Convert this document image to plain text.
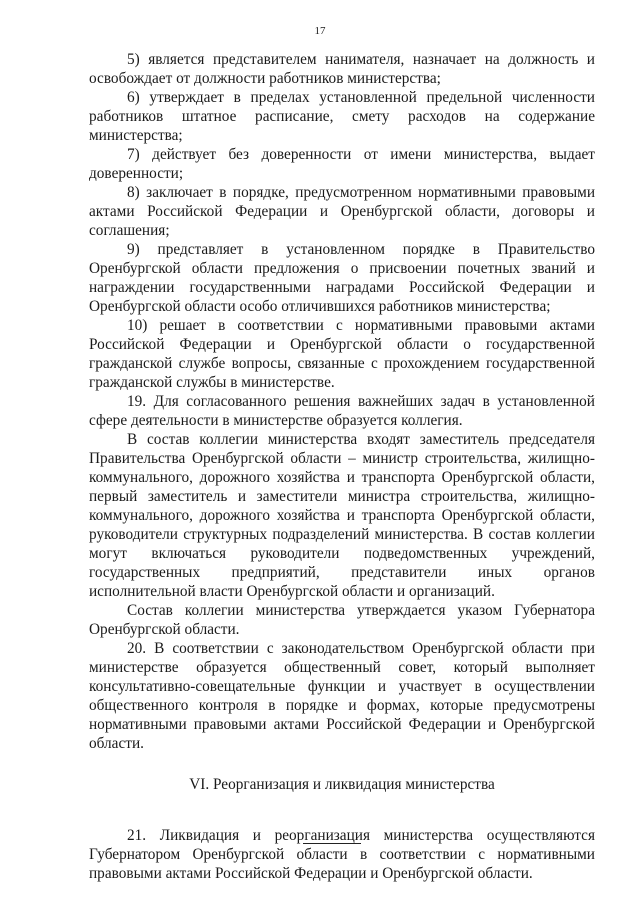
17

5) является представителем нанимателя, назначает на должность и освобождает от должности работников министерства;

6) утверждает в пределах установленной предельной численности работников штатное расписание, смету расходов на содержание министерства;

7) действует без доверенности от имени министерства, выдает доверенности;

8) заключает в порядке, предусмотренном нормативными правовыми актами Российской Федерации и Оренбургской области, договоры и соглашения;

9) представляет в установленном порядке в Правительство Оренбургской области предложения о присвоении почетных званий и награждении государственными наградами Российской Федерации и Оренбургской области особо отличившихся работников министерства;

10) решает в соответствии с нормативными правовыми актами Российской Федерации и Оренбургской области о государственной гражданской службе вопросы, связанные с прохождением государственной гражданской службы в министерстве.

19. Для согласованного решения важнейших задач в установленной сфере деятельности в министерстве образуется коллегия.

В состав коллегии министерства входят заместитель председателя Правительства Оренбургской области – министр строительства, жилищно-коммунального, дорожного хозяйства и транспорта Оренбургской области, первый заместитель и заместители министра строительства, жилищно-коммунального, дорожного хозяйства и транспорта Оренбургской области, руководители структурных подразделений министерства. В состав коллегии могут включаться руководители подведомственных учреждений, государственных предприятий, представители иных органов исполнительной власти Оренбургской области и организаций.

Состав коллегии министерства утверждается указом Губернатора Оренбургской области.

20. В соответствии с законодательством Оренбургской области при министерстве образуется общественный совет, который выполняет консультативно-совещательные функции и участвует в осуществлении общественного контроля в порядке и формах, которые предусмотрены нормативными правовыми актами Российской Федерации и Оренбургской области.

VI. Реорганизация и ликвидация министерства

21. Ликвидация и реорганизация министерства осуществляются Губернатором Оренбургской области в соответствии с нормативными правовыми актами Российской Федерации и Оренбургской области.
